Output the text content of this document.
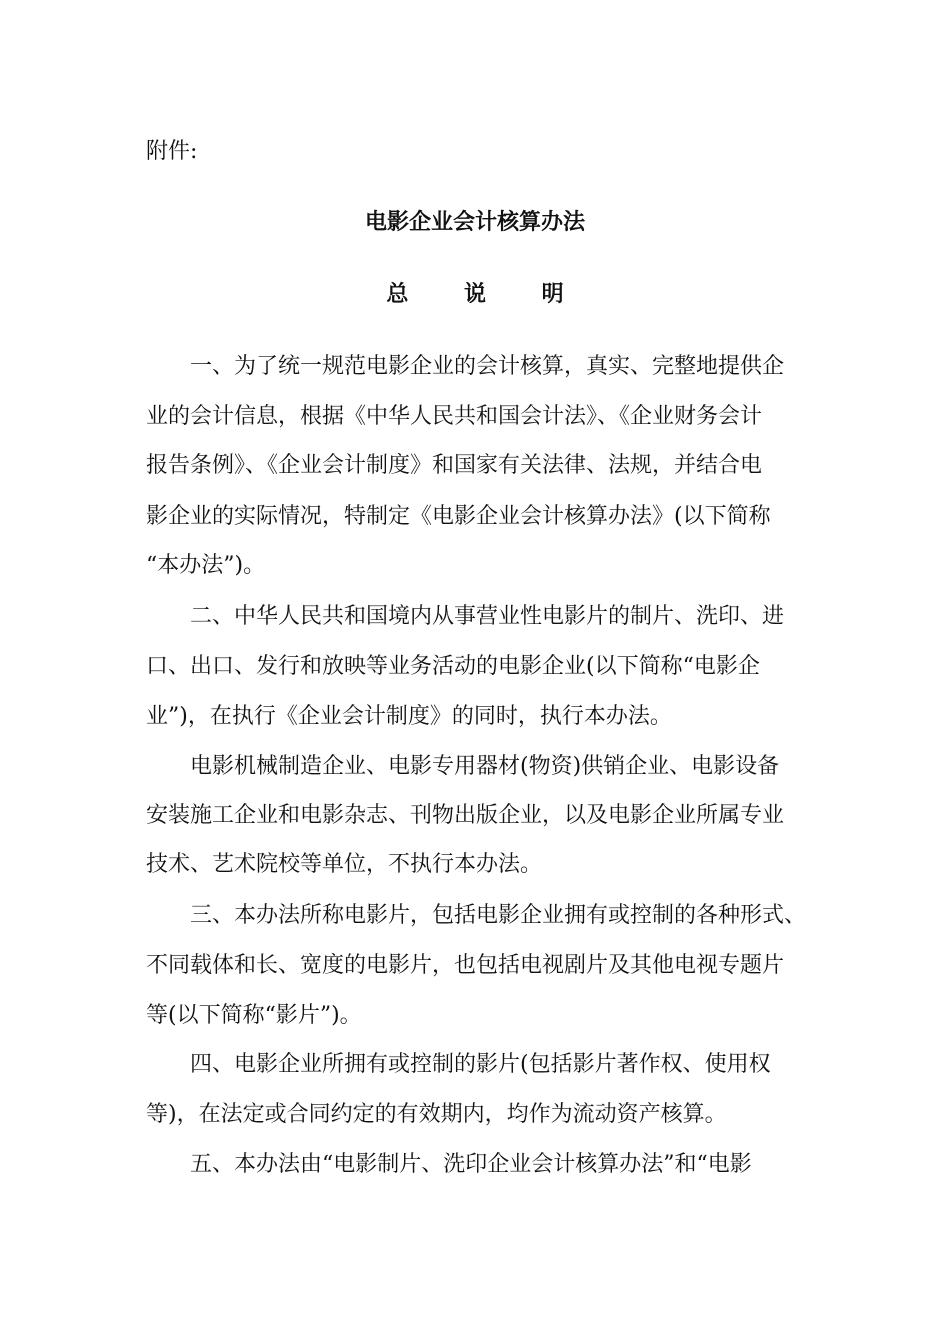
附件:
电影企业会计核算办法
总 说 明
一、为了统一规范电影企业的会计核算，真实、完整地提供企
业的会计信息，根据《中华人民共和国会计法》、《企业财务会计
报告条例》、《企业会计制度》和国家有关法律、法规，并结合电
影企业的实际情况，特制定《电影企业会计核算办法》(以下简称
“本办法”)。
二、中华人民共和国境内从事营业性电影片的制片、洗印、进
口、出口、发行和放映等业务活动的电影企业(以下简称“电影企
业”)，在执行《企业会计制度》的同时，执行本办法。
电影机械制造企业、电影专用器材(物资)供销企业、电影设备
安装施工企业和电影杂志、刊物出版企业，以及电影企业所属专业
技术、艺术院校等单位，不执行本办法。
三、本办法所称电影片，包括电影企业拥有或控制的各种形式、
不同载体和长、宽度的电影片，也包括电视剧片及其他电视专题片
等(以下简称“影片”)。
四、电影企业所拥有或控制的影片(包括影片著作权、使用权
等)，在法定或合同约定的有效期内，均作为流动资产核算。
五、本办法由“电影制片、洗印企业会计核算办法”和“电影
